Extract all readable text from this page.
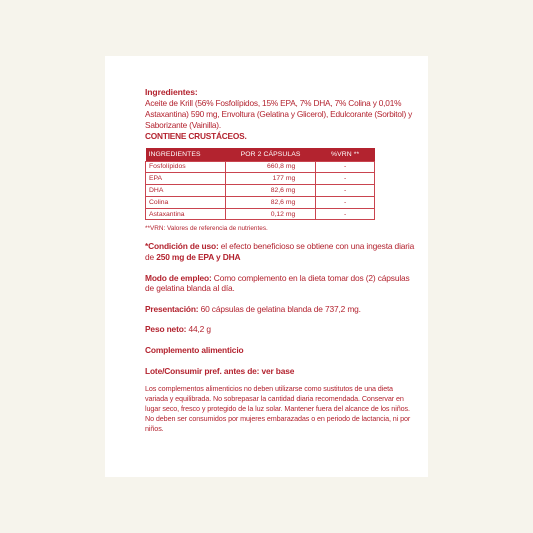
Ingredientes:
Aceite de Krill (56% Fosfolípidos, 15% EPA, 7% DHA, 7% Colina y 0,01% Astaxantina) 590 mg, Envoltura (Gelatina y Glicerol), Edulcorante (Sorbitol) y Saborizante (Vainilla).
CONTIENE CRUSTÁCEOS.
INGREDIENTES	POR 2 CÁPSULAS	%VRN **
Fosfolípidos	660,8 mg	-
EPA	177 mg	-
DHA	82,6 mg	-
Colina	82,6 mg	-
Astaxantina	0,12 mg	-
**VRN: Valores de referencia de nutrientes.
*Condición de uso: el efecto beneficioso se obtiene con una ingesta diaria de 250 mg de EPA y DHA
Modo de empleo: Como complemento en la dieta tomar dos (2) cápsulas de gelatina blanda al día.
Presentación: 60 cápsulas de gelatina blanda de 737,2 mg.
Peso neto: 44,2 g
Complemento alimenticio
Lote/Consumir pref. antes de: ver base
Los complementos alimenticios no deben utilizarse como sustitutos de una dieta variada y equilibrada. No sobrepasar la cantidad diaria recomendada. Conservar en lugar seco, fresco y protegido de la luz solar. Mantener fuera del alcance de los niños. No deben ser consumidos por mujeres embarazadas o en periodo de lactancia, ni por niños.
